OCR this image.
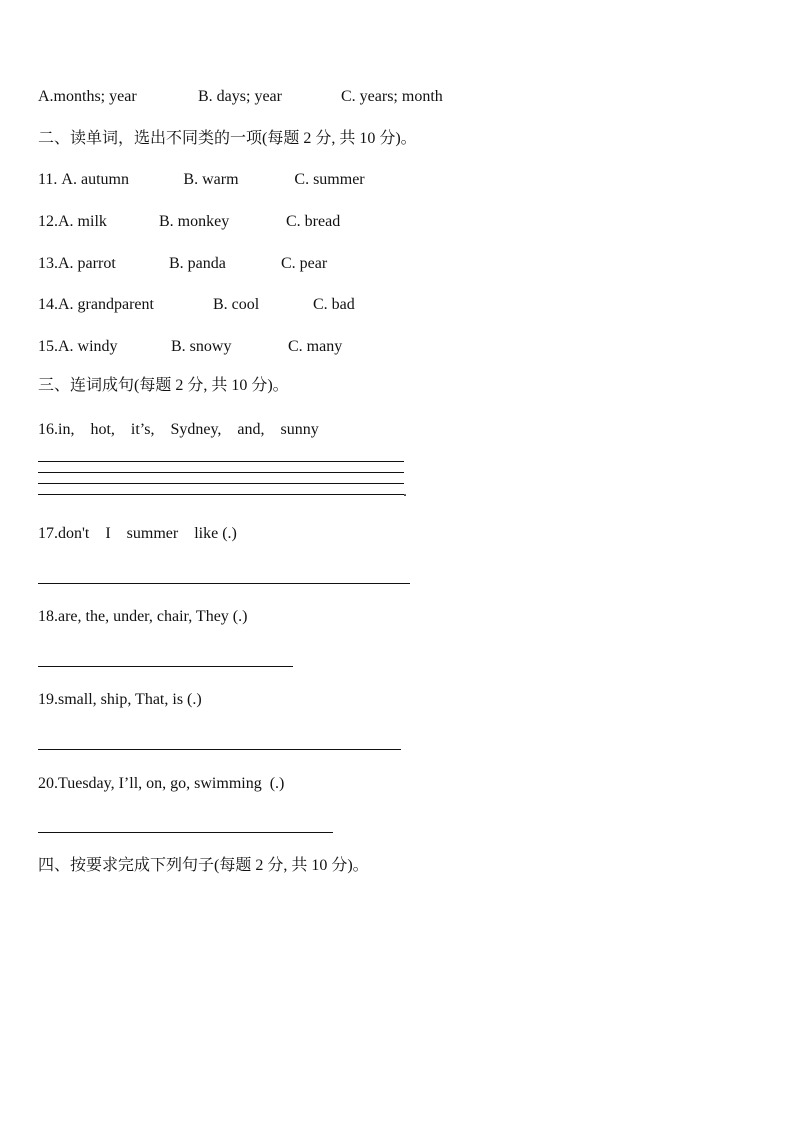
A.months; year	B. days; year	C. years; month
二、读单词，选出不同类的一项(每题 2 分, 共 10 分)。
11. A. autumn	B. warm	C. summer
12.A. milk	B. monkey	C. bread
13.A. parrot	B. panda	C. pear
14.A. grandparent	B. cool	C. bad
15.A. windy	B. snowy	C. many
三、连词成句(每题 2 分, 共 10 分)。
16.in,    hot,    it’s,    Sydney,    and,    sunny
.
17.don't    I    summer    like (.)
18.are, the, under, chair, They (.)
19.small, ship, That, is (.)
20.Tuesday, I’ll, on, go, swimming  (.)
四、按要求完成下列句子(每题 2 分, 共 10 分)。
